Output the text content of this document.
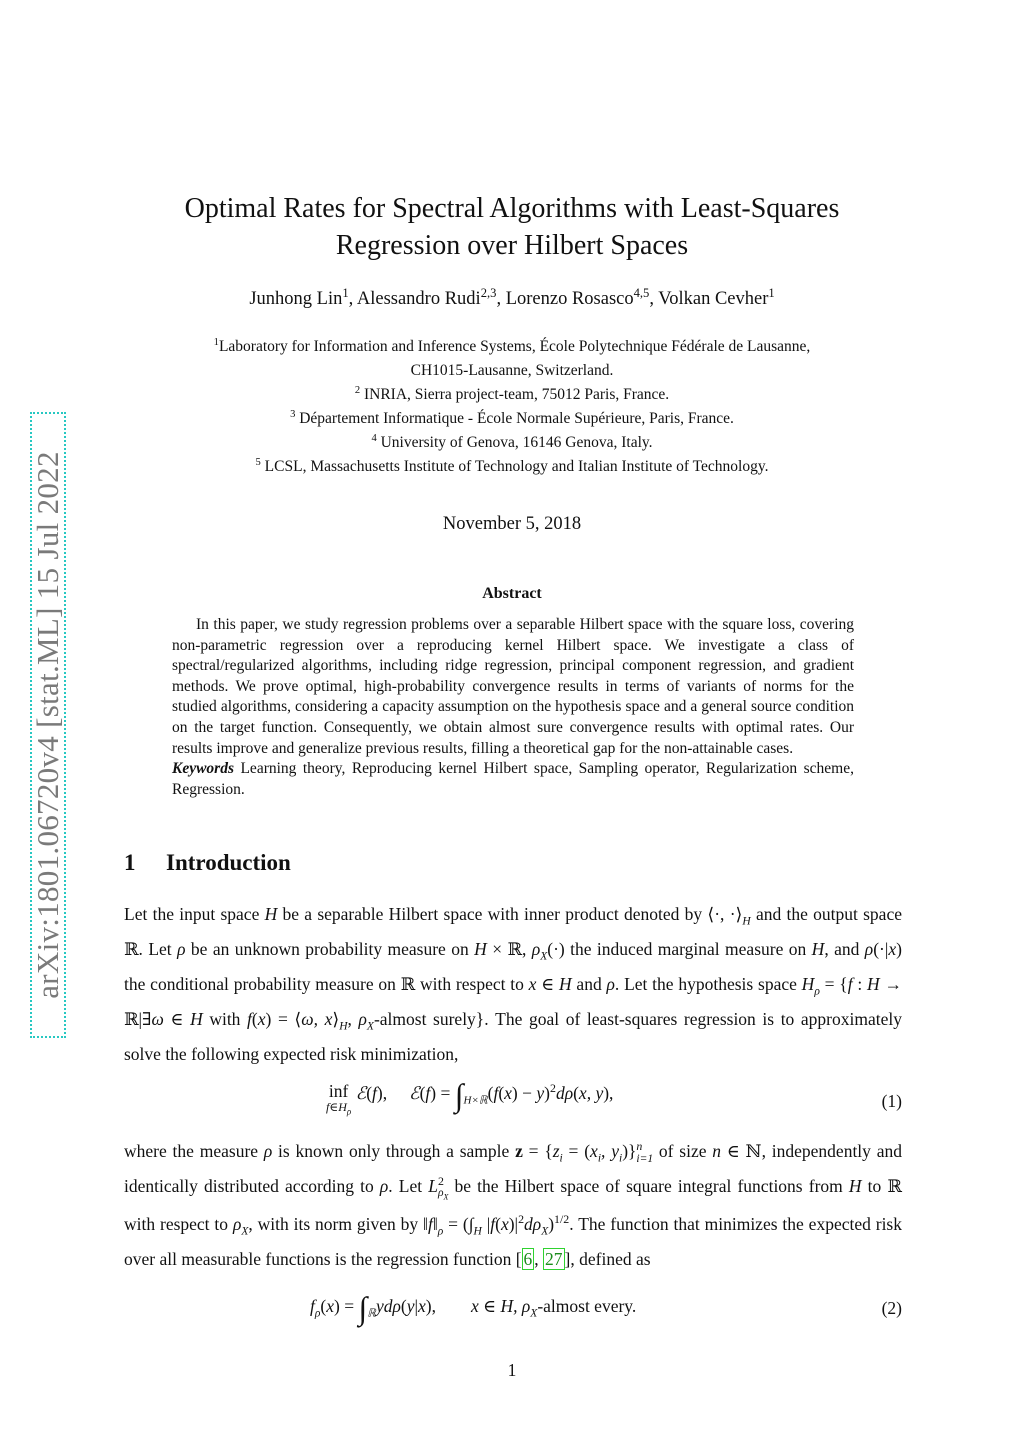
arXiv:1801.06720v4 [stat.ML] 15 Jul 2022
Optimal Rates for Spectral Algorithms with Least-Squares
Regression over Hilbert Spaces
Junhong Lin$^1$, Alessandro Rudi$^{2,3}$, Lorenzo Rosasco$^{4,5}$, Volkan Cevher$^1$
$^1$Laboratory for Information and Inference Systems, École Polytechnique Fédérale de Lausanne,
CH1015-Lausanne, Switzerland.
$^2$ INRIA, Sierra project-team, 75012 Paris, France.
$^3$ Département Informatique - École Normale Supérieure, Paris, France.
$^4$ University of Genova, 16146 Genova, Italy.
$^5$ LCSL, Massachusetts Institute of Technology and Italian Institute of Technology.
November 5, 2018
Abstract
In this paper, we study regression problems over a separable Hilbert space with the square loss, covering non-parametric regression over a reproducing kernel Hilbert space. We investigate a class of spectral/regularized algorithms, including ridge regression, principal component regression, and gradient methods. We prove optimal, high-probability convergence results in terms of variants of norms for the studied algorithms, considering a capacity assumption on the hypothesis space and a general source condition on the target function. Consequently, we obtain almost sure convergence results with optimal rates. Our results improve and generalize previous results, filling a theoretical gap for the non-attainable cases.
Keywords Learning theory, Reproducing kernel Hilbert space, Sampling operator, Regularization scheme, Regression.
1 Introduction
Let the input space H be a separable Hilbert space with inner product denoted by ⟨·, $\cdot⟩_H$ and the output space ℝ. Let ρ be an unknown probability measure on H × ℝ, $\rho_X(\cdot)$ the induced marginal measure on H, and ρ(·|x) the conditional probability measure on ℝ with respect to x ∈ H and ρ. Let the hypothesis space $H_\rho = \{f$ : H → ℝ|∃ω ∈ H with f(x) = ⟨ω, $x⟩_H$, $\rho_X$-almost surely}. The goal of least-squares regression is to approximately solve the following expected risk minimization,
inf
$f\in H_\rho$
ℰ(f),     ℰ(f) = $\int_{H\times ℝ}(f(x) - y)^2d\rho(x$, y),	(1)
where the measure ρ is known only through a sample $z = \{z_i = (x_i$, $y_i)\}^n_{i=1}$ of size n ∈ ℕ, independently and identically distributed according to ρ. Let $L^2_{\rho_X}$ be the Hilbert space of square integral functions from H to ℝ with respect to $\rho_X$, with its norm given by $‖f‖_\rho = (\int_H$ $|f(x)|^2d\rho_X)^{1/2}$. The function that minimizes the expected risk over all measurable functions is the regression function [ 6 , 27 ], defined as
$f_\rho(x) = \int_ℝyd\rho(y|x)$,        x ∈ H, $\rho_X$-almost every.	(2)
1
